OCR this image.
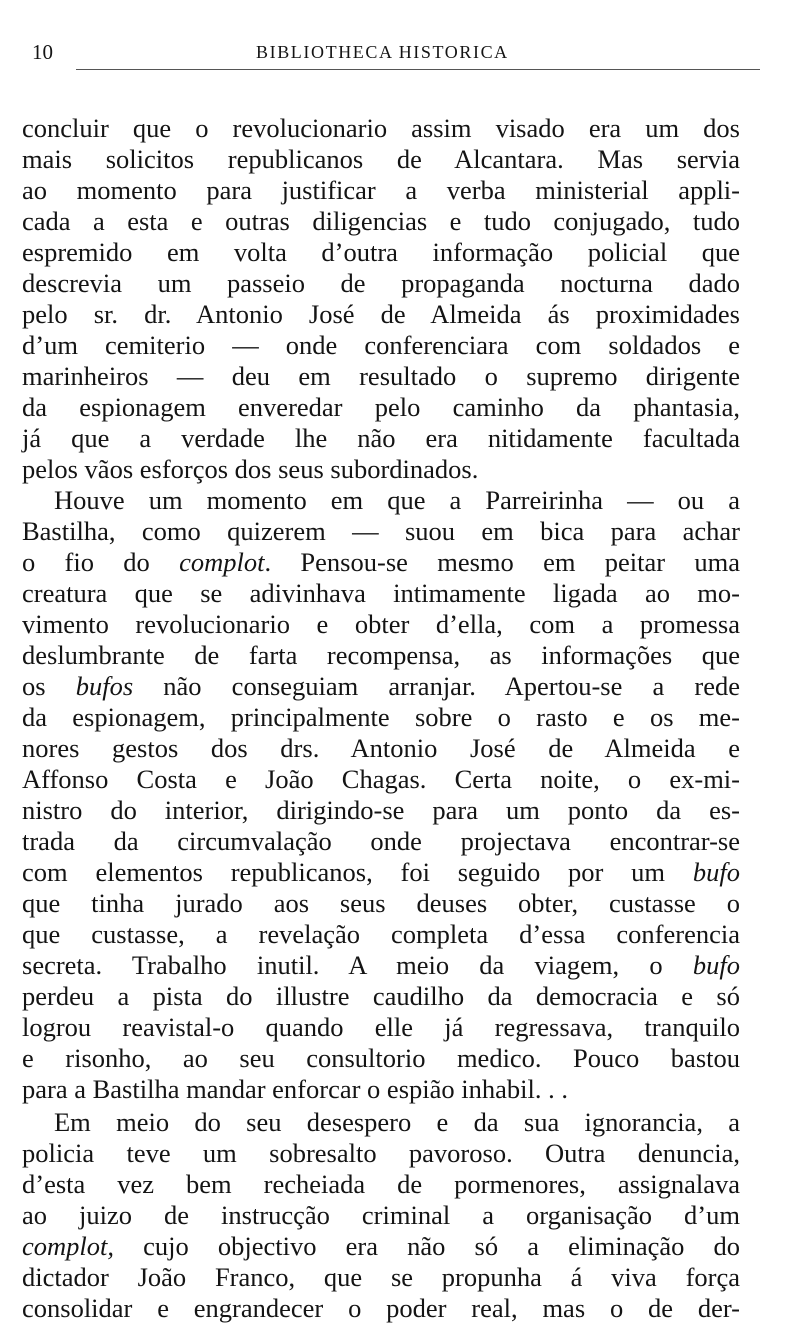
10	BIBLIOTHECA HISTORICA
concluir que o revolucionario assim visado era um dos
mais solicitos republicanos de Alcantara. Mas servia
ao momento para justificar a verba ministerial appli-
cada a esta e outras diligencias e tudo conjugado, tudo
espremido em volta d’outra informação policial que
descrevia um passeio de propaganda nocturna dado
pelo sr. dr. Antonio José de Almeida ás proximidades
d’um cemiterio — onde conferenciara com soldados e
marinheiros — deu em resultado o supremo dirigente
da espionagem enveredar pelo caminho da phantasia,
já que a verdade lhe não era nitidamente facultada
pelos vãos esforços dos seus subordinados.
Houve um momento em que a Parreirinha — ou a
Bastilha, como quizerem — suou em bica para achar
o fio do complot. Pensou-se mesmo em peitar uma
creatura que se adivinhava intimamente ligada ao mo-
vimento revolucionario e obter d’ella, com a promessa
deslumbrante de farta recompensa, as informações que
os bufos não conseguiam arranjar. Apertou-se a rede
da espionagem, principalmente sobre o rasto e os me-
nores gestos dos drs. Antonio José de Almeida e
Affonso Costa e João Chagas. Certa noite, o ex-mi-
nistro do interior, dirigindo-se para um ponto da es-
trada da circumvalação onde projectava encontrar-se
com elementos republicanos, foi seguido por um bufo
que tinha jurado aos seus deuses obter, custasse o
que custasse, a revelação completa d’essa conferencia
secreta. Trabalho inutil. A meio da viagem, o bufo
perdeu a pista do illustre caudilho da democracia e só
logrou reavistal-o quando elle já regressava, tranquilo
e risonho, ao seu consultorio medico. Pouco bastou
para a Bastilha mandar enforcar o espião inhabil. . .
Em meio do seu desespero e da sua ignorancia, a
policia teve um sobresalto pavoroso. Outra denuncia,
d’esta vez bem recheiada de pormenores, assignalava
ao juizo de instrucção criminal a organisação d’um
complot, cujo objectivo era não só a eliminação do
dictador João Franco, que se propunha á viva força
consolidar e engrandecer o poder real, mas o de der-
